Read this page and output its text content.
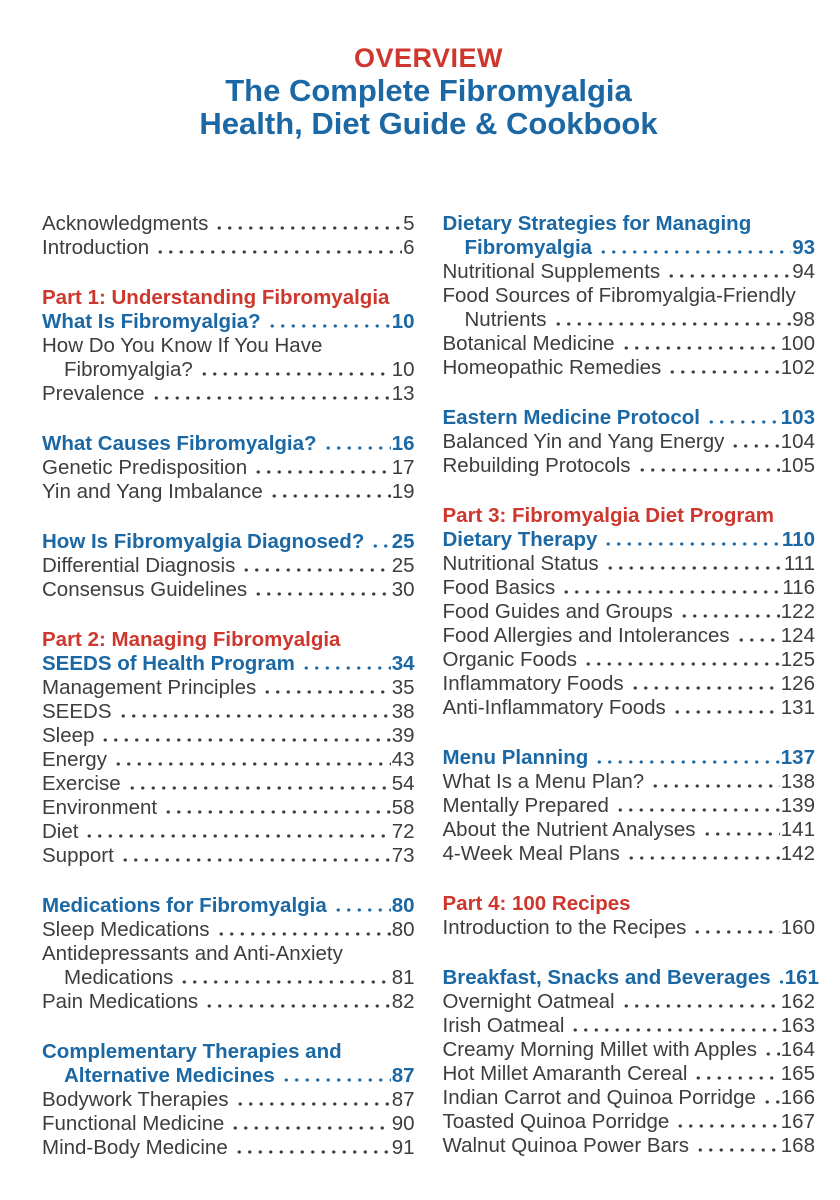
OVERVIEW
The Complete Fibromyalgia
Health, Diet Guide & Cookbook
Acknowledgments	5
Introduction	6
Part 1: Understanding Fibromyalgia
What Is Fibromyalgia?	10
How Do You Know If You Have
Fibromyalgia?	10
Prevalence	13
What Causes Fibromyalgia?	16
Genetic Predisposition	17
Yin and Yang Imbalance	19
How Is Fibromyalgia Diagnosed? 25
Differential Diagnosis	25
Consensus Guidelines	30
Part 2: Managing Fibromyalgia
SEEDS of Health Program	34
Management Principles	35
SEEDS	38
Sleep	39
Energy	43
Exercise	54
Environment	58
Diet	72
Support	73
Medications for Fibromyalgia	80
Sleep Medications	80
Antidepressants and Anti-Anxiety
Medications	81
Pain Medications	82
Complementary Therapies and
Alternative Medicines	87
Bodywork Therapies	87
Functional Medicine	90
Mind-Body Medicine	91
Dietary Strategies for Managing
Fibromyalgia	93
Nutritional Supplements	94
Food Sources of Fibromyalgia-Friendly
Nutrients	98
Botanical Medicine	100
Homeopathic Remedies	102
Eastern Medicine Protocol	103
Balanced Yin and Yang Energy	104
Rebuilding Protocols	105
Part 3: Fibromyalgia Diet Program
Dietary Therapy	110
Nutritional Status	111
Food Basics	116
Food Guides and Groups	122
Food Allergies and Intolerances 124
Organic Foods	125
Inflammatory Foods	126
Anti-Inflammatory Foods	131
Menu Planning	137
What Is a Menu Plan?	138
Mentally Prepared	139
About the Nutrient Analyses	141
4-Week Meal Plans	142
Part 4: 100 Recipes
Introduction to the Recipes	160
Breakfast, Snacks and Beverages 161
Overnight Oatmeal	162
Irish Oatmeal	163
Creamy Morning Millet with Apples 164
Hot Millet Amaranth Cereal	165
Indian Carrot and Quinoa Porridge 166
Toasted Quinoa Porridge	167
Walnut Quinoa Power Bars	168
